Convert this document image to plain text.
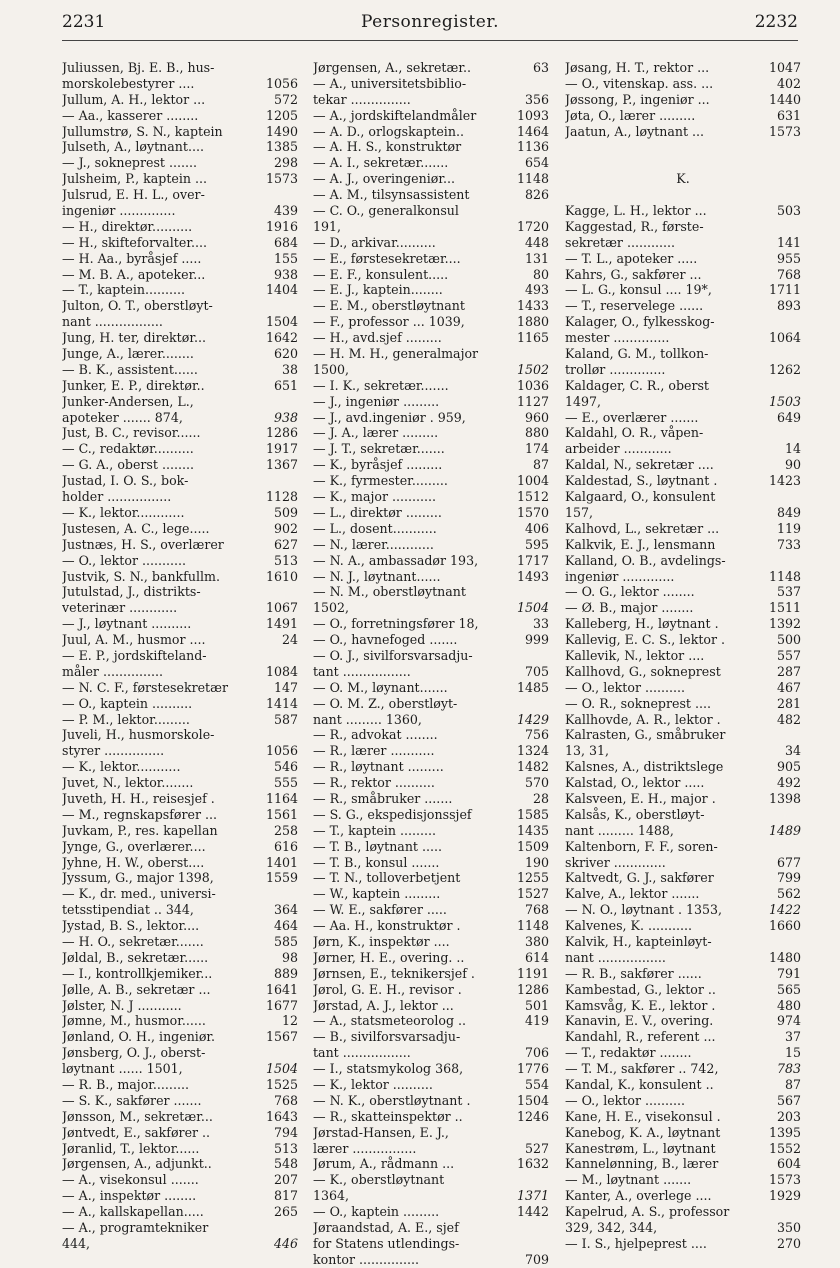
2231	Personregister.	2232
Juliussen, Bj. E. B., hus-
morskolebestyrer ....	1056
Jullum, A. H., lektor ...	572
— Aa., kasserer ........	1205
Jullumstrø, S. N., kaptein	1490
Julseth, A., løytnant....	1385
— J., sokneprest .......	298
Julsheim, P., kaptein ...	1573
Julsrud, E. H. L., over-
ingeniør ..............	439
— H., direktør..........	1916
— H., skifteforvalter....	684
— H. Aa., byråsjef .....	155
— M. B. A., apoteker...	938
— T., kaptein..........	1404
Julton, O. T., oberstløyt-
nant .................	1504
Jung, H. ter, direktør...	1642
Junge, A., lærer........	620
— B. K., assistent......	38
Junker, E. P., direktør..	651
Junker-Andersen, L.,
apoteker ....... 874,	938
Just, B. C., revisor......	1286
— C., redaktør..........	1917
— G. A., oberst ........	1367
Justad, I. O. S., bok-
holder ................	1128
— K., lektor............	509
Justesen, A. C., lege.....	902
Justnæs, H. S., overlærer	627
— O., lektor ...........	513
Justvik, S. N., bankfullm.	1610
Jutulstad, J., distrikts-
veterinær ............	1067
— J., løytnant ..........	1491
Juul, A. M., husmor ....	24
— E. P., jordskifteland-
måler ...............	1084
— N. C. F., førstesekretær	147
— O., kaptein ..........	1414
— P. M., lektor.........	587
Juveli, H., husmorskole-
styrer ...............	1056
— K., lektor...........	546
Juvet, N., lektor........	555
Juveth, H. H., reisesjef .	1164
— M., regnskapsfører ...	1561
Juvkam, P., res. kapellan	258
Jynge, G., overlærer....	616
Jyhne, H. W., oberst....	1401
Jyssum, G., major 1398,	1559
— K., dr. med., universi-
tetsstipendiat .. 344,	364
Jystad, B. S., lektor....	464
— H. O., sekretær.......	585
Jøldal, B., sekretær......	98
— I., kontrollkjemiker...	889
Jølle, A. B., sekretær ...	1641
Jølster, N. J ...........	1677
Jømne, M., husmor......	12
Jønland, O. H., ingeniør.	1567
Jønsberg, O. J., oberst-
løytnant ...... 1501,	1504
— R. B., major.........	1525
— S. K., sakfører .......	768
Jønsson, M., sekretær...	1643
Jøntvedt, E., sakfører ..	794
Jøranlid, T., lektor......	513
Jørgensen, A., adjunkt..	548
— A., visekonsul .......	207
— A., inspektør ........	817
— A., kallskapellan.....	265
— A., programtekniker
444,	446
Jørgensen, A., sekretær..	63
— A., universitetsbiblio-
tekar ...............	356
— A., jordskiftelandmåler	1093
— A. D., orlogskaptein..	1464
— A. H. S., konstruktør	1136
— A. I., sekretær.......	654
— A. J., overingeniør...	1148
— A. M., tilsynsassistent	826
— C. O., generalkonsul
191,	1720
— D., arkivar..........	448
— E., førstesekretær....	131
— E. F., konsulent.....	80
— E. J., kaptein........	493
— E. M., oberstløytnant	1433
— F., professor ... 1039,	1880
— H., avd.sjef .........	1165
— H. M. H., generalmajor
1500,	1502
— I. K., sekretær.......	1036
— J., ingeniør .........	1127
— J., avd.ingeniør . 959,	960
— J. A., lærer .........	880
— J. T., sekretær.......	174
— K., byråsjef .........	87
— K., fyrmester.........	1004
— K., major ...........	1512
— L., direktør .........	1570
— L., dosent...........	406
— N., lærer............	595
— N. A., ambassadør 193,	1717
— N. J., løytnant......	1493
— N. M., oberstløytnant
1502,	1504
— O., forretningsfører 18,	33
— O., havnefoged .......	999
— O. J., sivilforsvarsadju-
tant .................	705
— O. M., løynant.......	1485
— O. M. Z., oberstløyt-
nant ......... 1360,	1429
— R., advokat ........	756
— R., lærer ...........	1324
— R., løytnant .........	1482
— R., rektor ..........	570
— R., småbruker .......	28
— S. G., ekspedisjonssjef	1585
— T., kaptein .........	1435
— T. B., løytnant .....	1509
— T. B., konsul .......	190
— T. N., tolloverbetjent	1255
— W., kaptein .........	1527
— W. E., sakfører .....	768
— Aa. H., konstruktør .	1148
Jørn, K., inspektør ....	380
Jørner, H. E., overing. ..	614
Jørnsen, E., teknikersjef .	1191
Jørol, G. E. H., revisor .	1286
Jørstad, A. J., lektor ...	501
— A., statsmeteorolog ..	419
— B., sivilforsvarsadju-
tant .................	706
— I., statsmykolog 368,	1776
— K., lektor ..........	554
— N. K., oberstløytnant .	1504
— R., skatteinspektør ..	1246
Jørstad-Hansen, E. J.,
lærer ................	527
Jørum, A., rådmann ...	1632
— K., oberstløytnant
1364,	1371
— O., kaptein .........	1442
Jøraandstad, A. E., sjef
for Statens utlendings-
kontor ...............	709
Jøsang, H. T., rektor ...	1047
— O., vitenskap. ass. ...	402
Jøssong, P., ingeniør ...	1440
Jøta, O., lærer .........	631
Jaatun, A., løytnant ...	1573
K.
Kagge, L. H., lektor ...	503
Kaggestad, R., første-
sekretær ............	141
— T. L., apoteker .....	955
Kahrs, G., sakfører ...	768
— L. G., konsul .... 19*,	1711
— T., reservelege ......	893
Kalager, O., fylkesskog-
mester ..............	1064
Kaland, G. M., tollkon-
trollør ..............	1262
Kaldager, C. R., oberst
1497,	1503
— E., overlærer .......	649
Kaldahl, O. R., våpen-
arbeider ............	14
Kaldal, N., sekretær ....	90
Kaldestad, S., løytnant .	1423
Kalgaard, O., konsulent
157,	849
Kalhovd, L., sekretær ...	119
Kalkvik, E. J., lensmann	733
Kalland, O. B., avdelings-
ingeniør .............	1148
— O. G., lektor ........	537
— Ø. B., major ........	1511
Kalleberg, H., løytnant .	1392
Kallevig, E. C. S., lektor .	500
Kallevik, N., lektor ....	557
Kallhovd, G., sokneprest	287
— O., lektor ..........	467
— O. R., sokneprest ....	281
Kallhovde, A. R., lektor .	482
Kalrasten, G., småbruker
13, 31,	34
Kalsnes, A., distriktslege	905
Kalstad, O., lektor .....	492
Kalsveen, E. H., major .	1398
Kalsås, K., oberstløyt-
nant ......... 1488,	1489
Kaltenborn, F. F., soren-
skriver .............	677
Kaltvedt, G. J., sakfører	799
Kalve, A., lektor .......	562
— N. O., løytnant . 1353,	1422
Kalvenes, K. ...........	1660
Kalvik, H., kapteinløyt-
nant .................	1480
— R. B., sakfører ......	791
Kambestad, G., lektor ..	565
Kamsvåg, K. E., lektor .	480
Kanavin, E. V., overing.	974
Kandahl, R., referent ...	37
— T., redaktør ........	15
— T. M., sakfører .. 742,	783
Kandal, K., konsulent ..	87
— O., lektor ..........	567
Kane, H. E., visekonsul .	203
Kanebog, K. A., løytnant	1395
Kanestrøm, L., løytnant	1552
Kannelønning, B., lærer	604
— M., løytnant .......	1573
Kanter, A., overlege ....	1929
Kapelrud, A. S., professor
329, 342, 344,	350
— I. S., hjelpeprest ....	270
